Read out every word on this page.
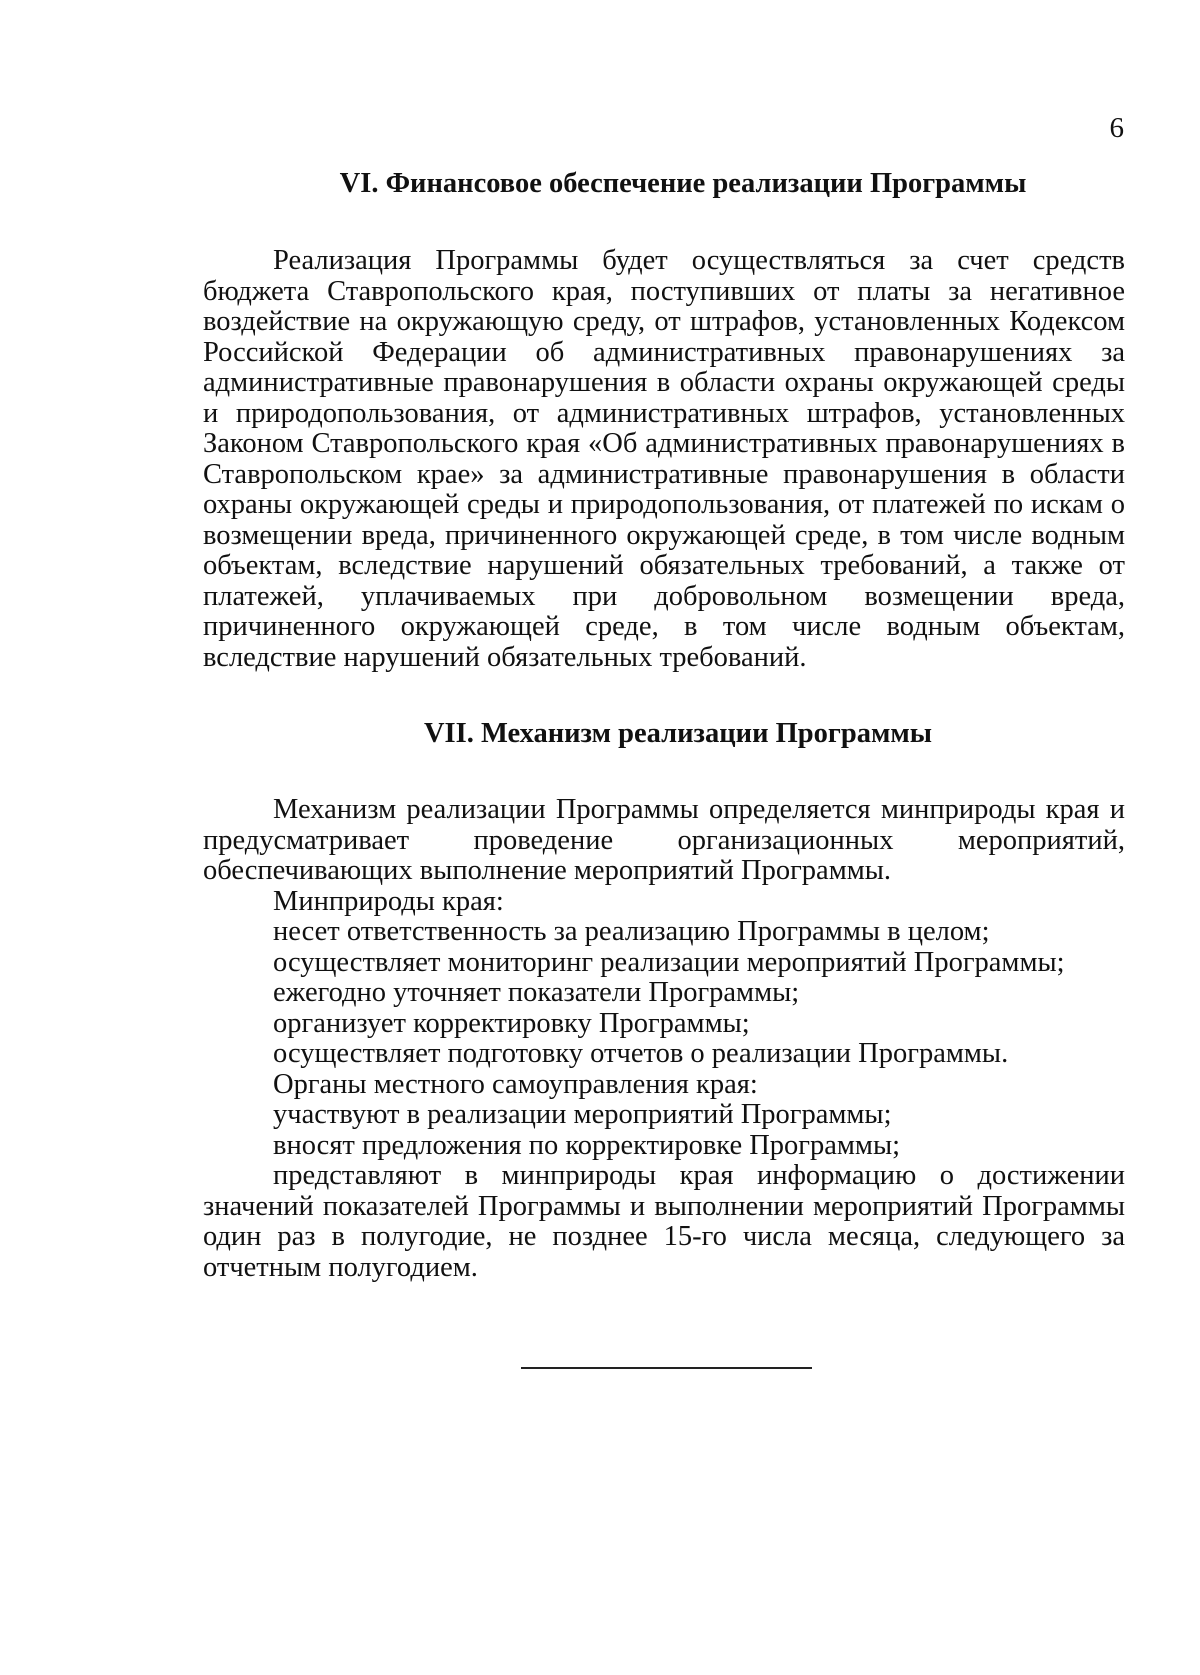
6
VI. Финансовое обеспечение реализации Программы

Реализация Программы будет осуществляться за счет средств бюджета Ставропольского края, поступивших от платы за негативное воздействие на окружающую среду, от штрафов, установленных Кодексом Российской Федерации об административных правонарушениях за административные правонарушения в области охраны окружающей среды и природопользования, от административных штрафов, установленных Законом Ставропольского края «Об административных правонарушениях в Ставропольском крае» за административные правонарушения в области охраны окружающей среды и природопользования, от платежей по искам о возмещении вреда, причиненного окружающей среде, в том числе водным объектам, вследствие нарушений обязательных требований, а также от платежей, уплачиваемых при добровольном возмещении вреда, причиненного окружающей среде, в том числе водным объектам, вследствие нарушений обязательных требований.

VII. Механизм реализации Программы

Механизм реализации Программы определяется минприроды края и предусматривает проведение организационных мероприятий, обеспечивающих выполнение мероприятий Программы.

Минприроды края:

несет ответственность за реализацию Программы в целом;

осуществляет мониторинг реализации мероприятий Программы;

ежегодно уточняет показатели Программы;

организует корректировку Программы;

осуществляет подготовку отчетов о реализации Программы.

Органы местного самоуправления края:

участвуют в реализации мероприятий Программы;

вносят предложения по корректировке Программы;

представляют в минприроды края информацию о достижении значений показателей Программы и выполнении мероприятий Программы один раз в полугодие, не позднее 15-го числа месяца, следующего за отчетным полугодием.
